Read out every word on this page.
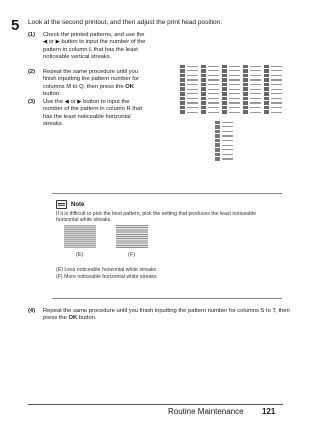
5 Look at the second printout, and then adjust the print head position.
(1) Check the printed patterns, and use the ◀ or ▶ button to input the number of the pattern in column L that has the least noticeable vertical streaks.
(2) Repeat the same procedure until you finish inputting the pattern number for columns M to Q, then press the OK button.
(3) Use the ◀ or ▶ button to input the number of the pattern in column R that has the least noticeable horizontal streaks.
Note
If it is difficult to pick the best pattern, pick the setting that produces the least noticeable horizontal white streaks.
(E)	(F)
(E) Less noticeable horizontal white streaks
(F) More noticeable horizontal white streaks
(4) Repeat the same procedure until you finish inputting the pattern number for columns S to T, then press the OK button.
Routine Maintenance 121
